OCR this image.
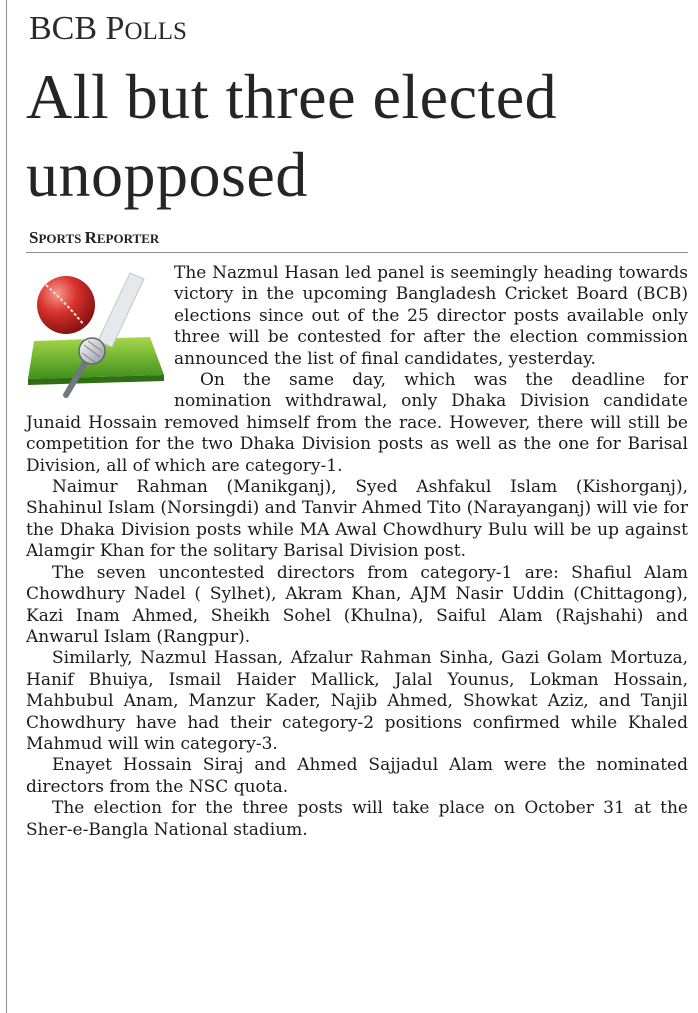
BCB POLLS
All but three elected unopposed
SPORTS REPORTER

The Nazmul Hasan led panel is seemingly heading towards victory in the upcoming Bangladesh Cricket Board (BCB) elections since out of the 25 director posts available only three will be contested for after the election commission announced the list of final candidates, yesterday.

On the same day, which was the deadline for nomination withdrawal, only Dhaka Division candidate Junaid Hossain removed himself from the race. However, there will still be competition for the two Dhaka Division posts as well as the one for Barisal Division, all of which are category-1.

Naimur Rahman (Manikganj), Syed Ashfakul Islam (Kishorganj), Shahinul Islam (Norsingdi) and Tanvir Ahmed Tito (Narayanganj) will vie for the Dhaka Division posts while MA Awal Chowdhury Bulu will be up against Alamgir Khan for the solitary Barisal Division post.

The seven uncontested directors from category-1 are: Shafiul Alam Chowdhury Nadel ( Sylhet), Akram Khan, AJM Nasir Uddin (Chittagong), Kazi Inam Ahmed, Sheikh Sohel (Khulna), Saiful Alam (Rajshahi) and Anwarul Islam (Rangpur).

Similarly, Nazmul Hassan, Afzalur Rahman Sinha, Gazi Golam Mortuza, Hanif Bhuiya, Ismail Haider Mallick, Jalal Younus, Lokman Hossain, Mahbubul Anam, Manzur Kader, Najib Ahmed, Showkat Aziz, and Tanjil Chowdhury have had their category-2 positions confirmed while Khaled Mahmud will win category-3.

Enayet Hossain Siraj and Ahmed Sajjadul Alam were the nominated directors from the NSC quota.

The election for the three posts will take place on October 31 at the Sher-e-Bangla National stadium.
